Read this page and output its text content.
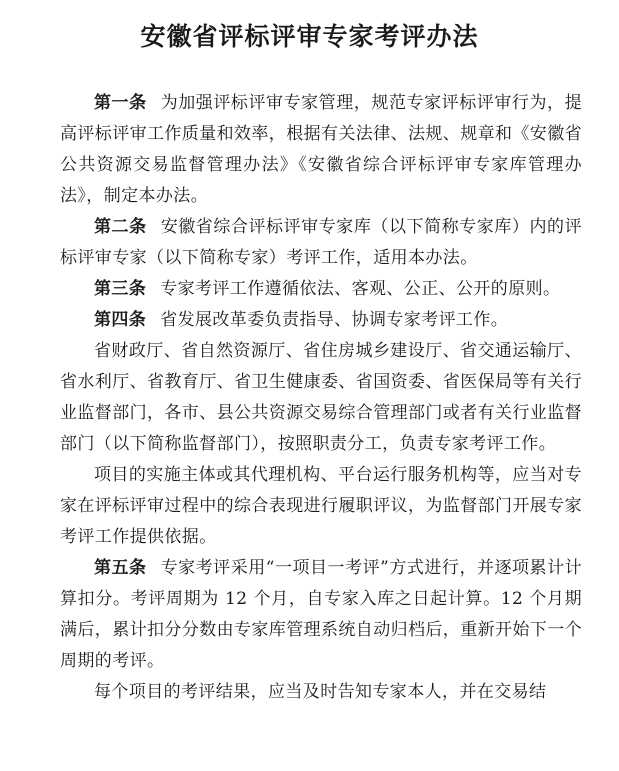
安徽省评标评审专家考评办法

第一条 为加强评标评审专家管理，规范专家评标评审行为，提高评标评审工作质量和效率，根据有关法律、法规、规章和《安徽省公共资源交易监督管理办法》《安徽省综合评标评审专家库管理办法》，制定本办法。

第二条 安徽省综合评标评审专家库（以下简称专家库）内的评标评审专家（以下简称专家）考评工作，适用本办法。

第三条 专家考评工作遵循依法、客观、公正、公开的原则。

第四条 省发展改革委负责指导、协调专家考评工作。

省财政厅、省自然资源厅、省住房城乡建设厅、省交通运输厅、省水利厅、省教育厅、省卫生健康委、省国资委、省医保局等有关行业监督部门，各市、县公共资源交易综合管理部门或者有关行业监督部门（以下简称监督部门），按照职责分工，负责专家考评工作。

项目的实施主体或其代理机构、平台运行服务机构等，应当对专家在评标评审过程中的综合表现进行履职评议，为监督部门开展专家考评工作提供依据。

第五条 专家考评采用“一项目一考评”方式进行，并逐项累计计算扣分。考评周期为 12 个月，自专家入库之日起计算。12 个月期满后，累计扣分分数由专家库管理系统自动归档后，重新开始下一个周期的考评。

每个项目的考评结果，应当及时告知专家本人，并在交易结
